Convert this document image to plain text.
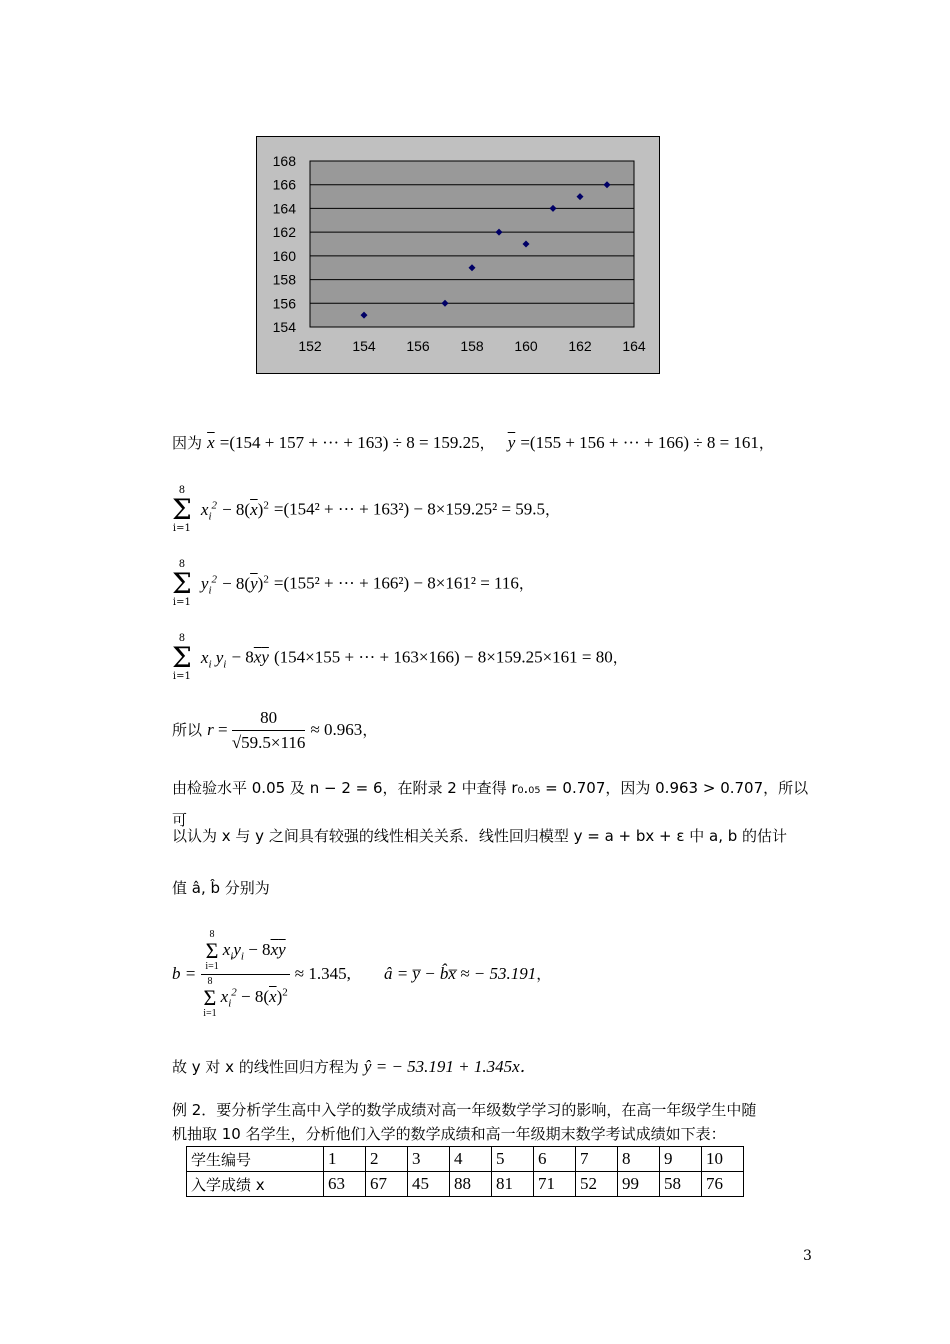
168
166
164
162
160
158
156
154
152 154 156 158 160 162 164
因为 $\overline{x} =(154 + 157$ + ··· + 163) ÷ 8 = 159.25， $\overline{y} =(155 + 156$ + ··· + 166) ÷ 8 = 161，
8
Σ
i=1
$x_i^2 - 8(\overline{x})^2 =(154^2$ + ··· + 163²) − 8×159.25² = 59.5，
8
Σ
i=1
$y_i^2 - 8(\overline{y})^2 =(155^2$ + ··· + 166²) − 8×161² = 116，
8
Σ
i=1
$x_i$ $y_i - 8\overline{x}\overline{y}$ (154×155 + ··· + 163×166) − 8×159.25×161 = 80，
所以 $r = \frac{80}{√59.5\times 116} \approx 0.963$，
由检验水平 0.05 及 n − 2 = 6，在附录 2 中查得 r₀.₀₅ = 0.707，因为 0.963 > 0.707，所以可
以认为 x 与 y 之间具有较强的线性相关关系．线性回归模型 y = a + bx + ε 中 a, b 的估计
值 â, b̂ 分别为
b = 8
Σ
i=1
$x_iy_i - 8\overline{x}\overline{y}$
8
Σ
i=1
$x_i^2 - 8(\overline{x})^2 \approx 1.345$, â = y̅ − b̂x̅ ≈ − 53.191，
故 y 对 x 的线性回归方程为 ŷ = − 53.191 + 1.345x．
例 2．要分析学生高中入学的数学成绩对高一年级数学学习的影响，在高一年级学生中随
机抽取 10 名学生，分析他们入学的数学成绩和高一年级期末数学考试成绩如下表：
学生编号	1	2	3	4	5	6	7	8	9	10
入学成绩 x	63	67	45	88	81	71	52	99	58	76
3
